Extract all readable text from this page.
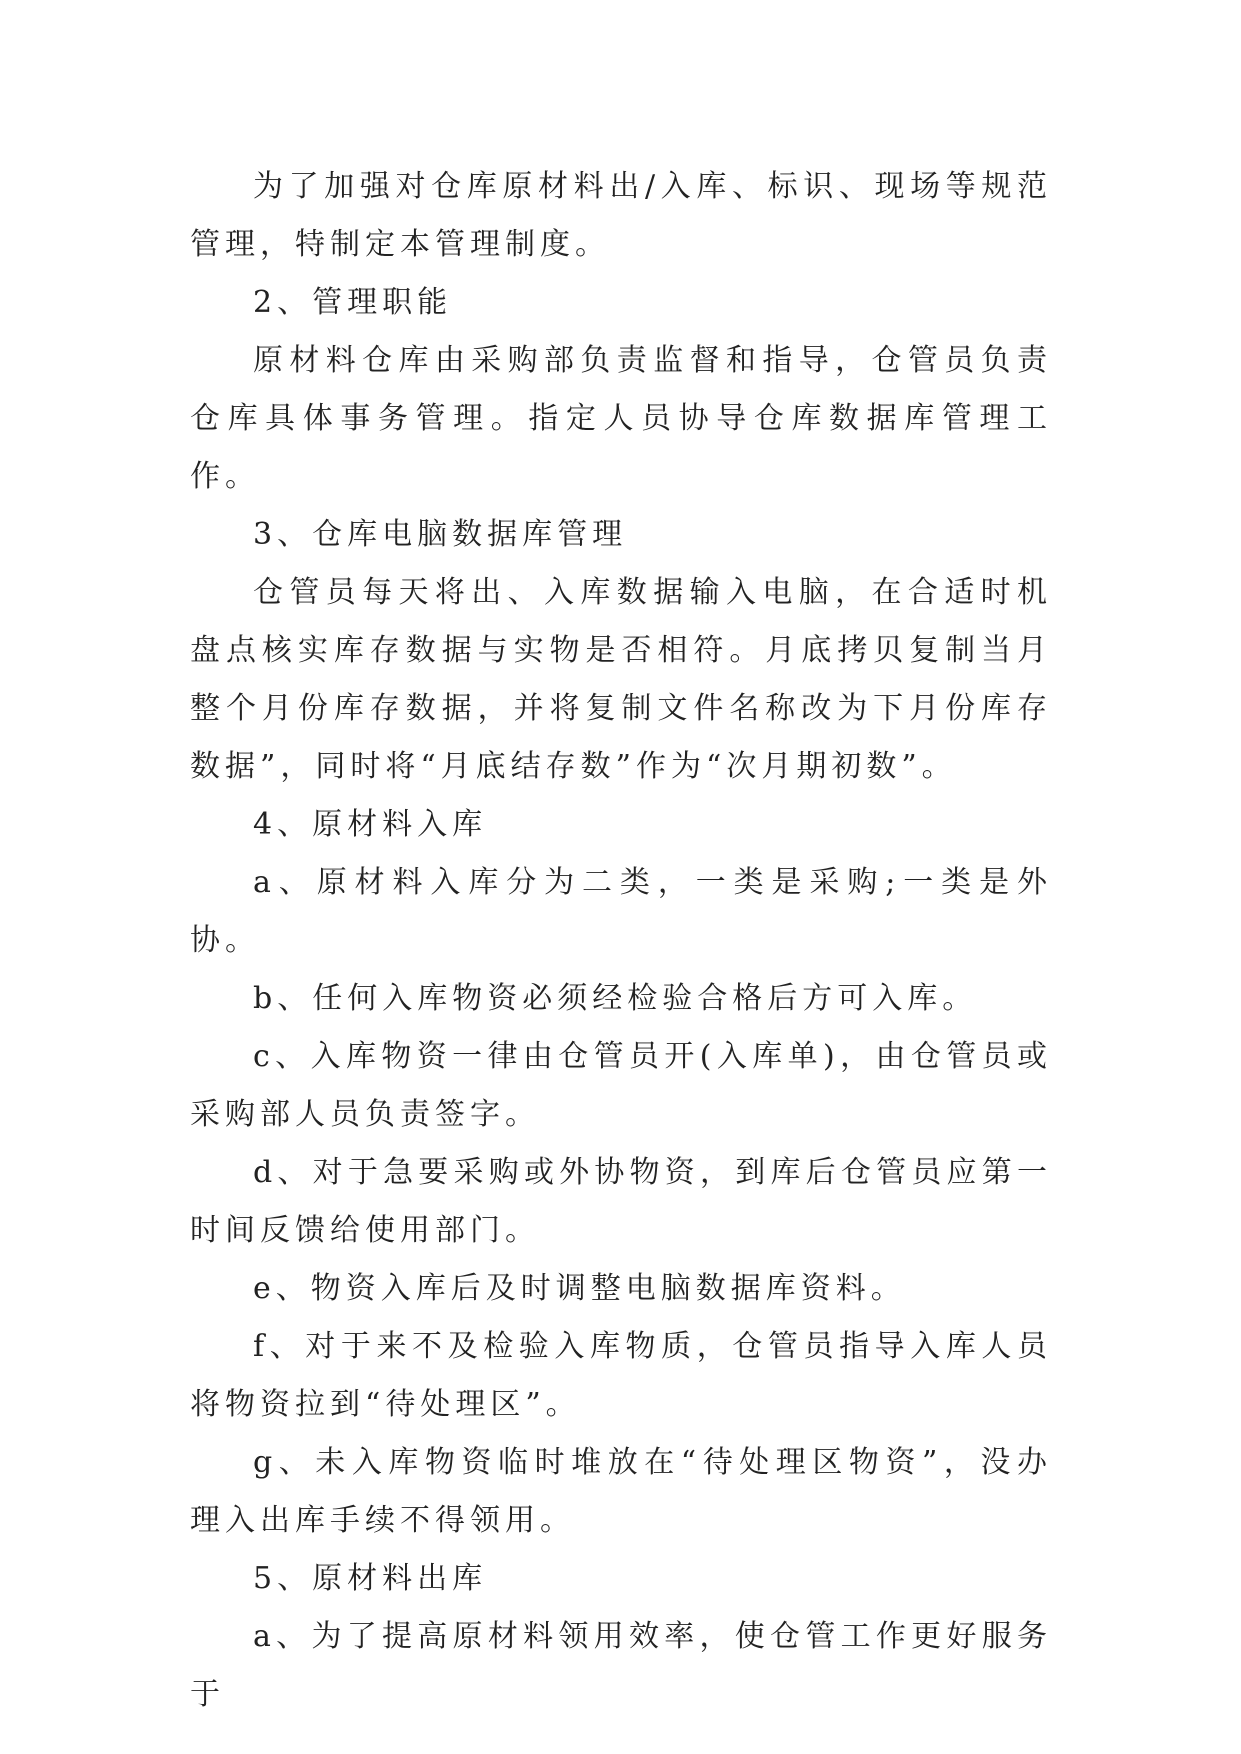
为了加强对仓库原材料出/入库、标识、现场等规范管理，特制定本管理制度。

2、管理职能

原材料仓库由采购部负责监督和指导，仓管员负责仓库具体事务管理。指定人员协导仓库数据库管理工作。

3、仓库电脑数据库管理

仓管员每天将出、入库数据输入电脑，在合适时机盘点核实库存数据与实物是否相符。月底拷贝复制当月整个月份库存数据，并将复制文件名称改为下月份库存数据”，同时将“月底结存数”作为“次月期初数”。

4、原材料入库

a、原材料入库分为二类，一类是采购;一类是外协。

b、任何入库物资必须经检验合格后方可入库。

c、入库物资一律由仓管员开(入库单)，由仓管员或采购部人员负责签字。

d、对于急要采购或外协物资，到库后仓管员应第一时间反馈给使用部门。

e、物资入库后及时调整电脑数据库资料。

f、对于来不及检验入库物质，仓管员指导入库人员将物资拉到“待处理区”。

g、未入库物资临时堆放在“待处理区物资”，没办理入出库手续不得领用。

5、原材料出库

a、为了提高原材料领用效率，使仓管工作更好服务于
